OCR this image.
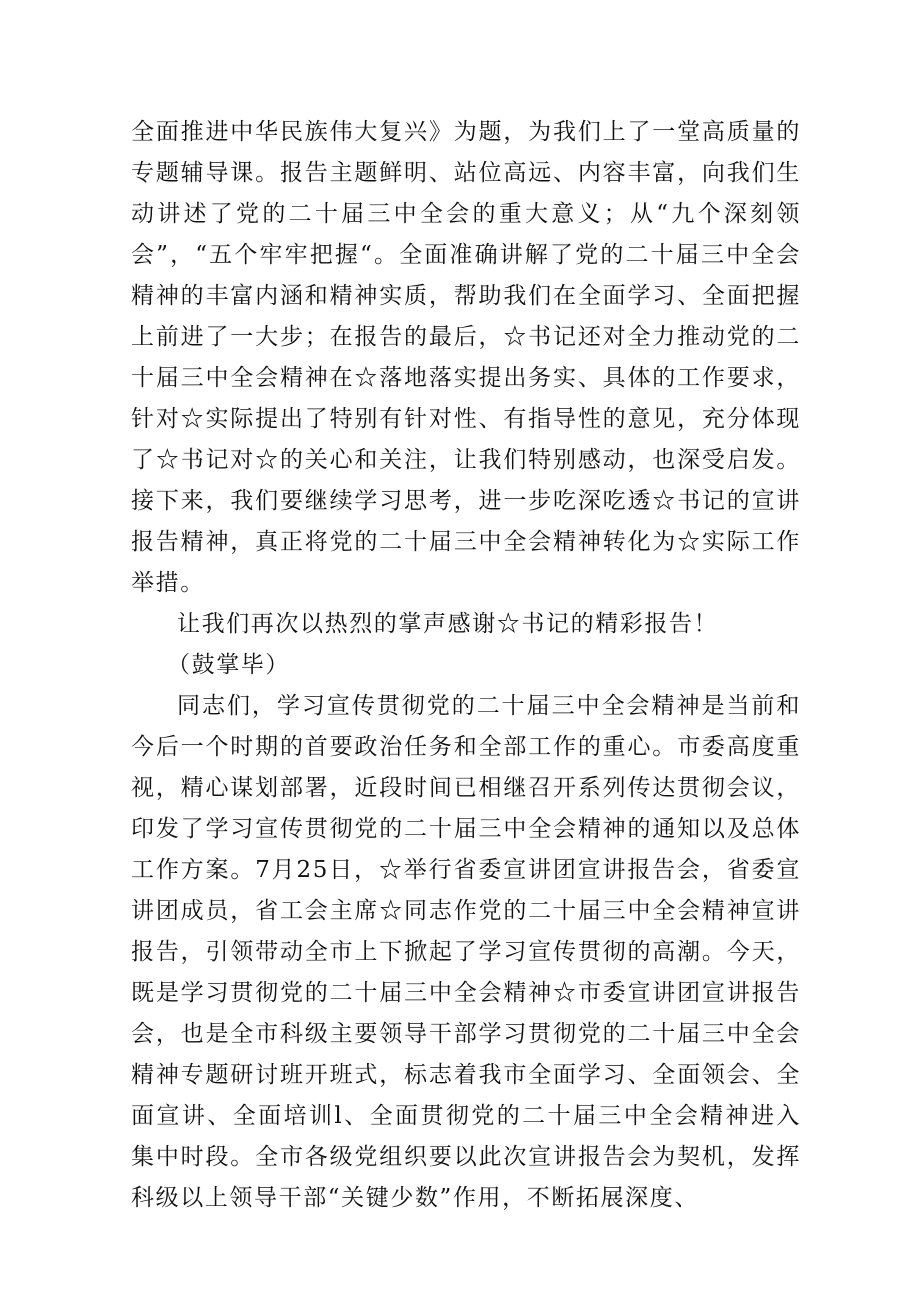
全面推进中华民族伟大复兴》为题，为我们上了一堂高质量的专题辅导课。报告主题鲜明、站位高远、内容丰富，向我们生动讲述了党的二十届三中全会的重大意义；从“九个深刻领会”，“五个牢牢把握“。全面准确讲解了党的二十届三中全会精神的丰富内涵和精神实质，帮助我们在全面学习、全面把握上前进了一大步；在报告的最后，☆书记还对全力推动党的二十届三中全会精神在☆落地落实提出务实、具体的工作要求，针对☆实际提出了特别有针对性、有指导性的意见，充分体现了☆书记对☆的关心和关注，让我们特别感动，也深受启发。接下来，我们要继续学习思考，进一步吃深吃透☆书记的宣讲报告精神，真正将党的二十届三中全会精神转化为☆实际工作举措。

让我们再次以热烈的掌声感谢☆书记的精彩报告！

（鼓掌毕）

同志们，学习宣传贯彻党的二十届三中全会精神是当前和今后一个时期的首要政治任务和全部工作的重心。市委高度重视，精心谋划部署，近段时间已相继召开系列传达贯彻会议，印发了学习宣传贯彻党的二十届三中全会精神的通知以及总体工作方案。7月25日，☆举行省委宣讲团宣讲报告会，省委宣讲团成员，省工会主席☆同志作党的二十届三中全会精神宣讲报告，引领带动全市上下掀起了学习宣传贯彻的高潮。今天，既是学习贯彻党的二十届三中全会精神☆市委宣讲团宣讲报告会，也是全市科级主要领导干部学习贯彻党的二十届三中全会精神专题研讨班开班式，标志着我市全面学习、全面领会、全面宣讲、全面培训l、全面贯彻党的二十届三中全会精神进入集中时段。全市各级党组织要以此次宣讲报告会为契机，发挥科级以上领导干部“关键少数”作用，不断拓展深度、
